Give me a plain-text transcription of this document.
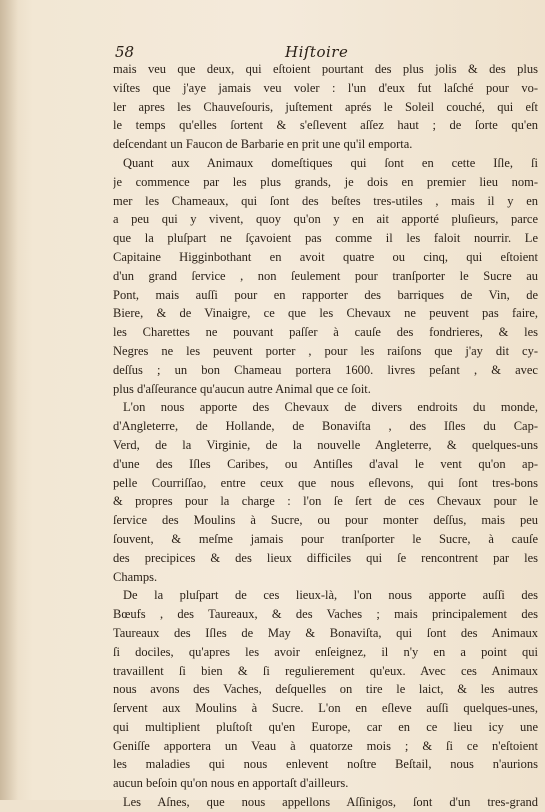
58	Hiſtoire
mais veu que deux, qui eſtoient pourtant des plus jolis & des plus
viſtes que j'aye jamais veu voler : l'un d'eux fut laſché pour vo-
ler apres les Chauveſouris, juſtement aprés le Soleil couché, qui eſt
le temps qu'elles ſortent & s'eſlevent aſſez haut ; de ſorte qu'en
deſcendant un Faucon de Barbarie en prit une qu'il emporta.
Quant aux Animaux domeſtiques qui ſont en cette Iſle, ſi
je commence par les plus grands, je dois en premier lieu nom-
mer les Chameaux, qui ſont des beſtes tres-utiles , mais il y en
a peu qui y vivent, quoy qu'on y en ait apporté pluſieurs, parce
que la pluſpart ne ſçavoient pas comme il les faloit nourrir. Le
Capitaine Higginbothant en avoit quatre ou cinq, qui eſtoient
d'un grand ſervice , non ſeulement pour tranſporter le Sucre au
Pont, mais auſſi pour en rapporter des barriques de Vin, de
Biere, & de Vinaigre, ce que les Chevaux ne peuvent pas faire,
les Charettes ne pouvant paſſer à cauſe des fondrieres, & les
Negres ne les peuvent porter , pour les raiſons que j'ay dit cy-
deſſus ; un bon Chameau portera 1600. livres peſant , & avec
plus d'aſſeurance qu'aucun autre Animal que ce ſoit.
L'on nous apporte des Chevaux de divers endroits du monde,
d'Angleterre, de Hollande, de Bonaviſta , des Iſles du Cap-
Verd, de la Virginie, de la nouvelle Angleterre, & quelques-uns
d'une des Iſles Caribes, ou Antiſles d'aval le vent qu'on ap-
pelle Courriſſao, entre ceux que nous eſlevons, qui ſont tres-bons
& propres pour la charge : l'on ſe ſert de ces Chevaux pour le
ſervice des Moulins à Sucre, ou pour monter deſſus, mais peu
ſouvent, & meſme jamais pour tranſporter le Sucre, à cauſe
des precipices & des lieux difficiles qui ſe rencontrent par les
Champs.
De la pluſpart de ces lieux-là, l'on nous apporte auſſi des
Bœufs , des Taureaux, & des Vaches ; mais principalement des
Taureaux des Iſles de May & Bonaviſta, qui ſont des Animaux
ſi dociles, qu'apres les avoir enſeignez, il n'y en a point qui
travaillent ſi bien & ſi regulierement qu'eux. Avec ces Animaux
nous avons des Vaches, deſquelles on tire le laict, & les autres
ſervent aux Moulins à Sucre. L'on en eſleve auſſi quelques-unes,
qui multiplient pluſtoſt qu'en Europe, car en ce lieu icy une
Geniſſe apportera un Veau à quatorze mois ; & ſi ce n'eſtoient
les maladies qui nous enlevent noſtre Beſtail, nous n'aurions
aucun beſoin qu'on nous en apportaſt d'ailleurs.
Les Aſnes, que nous appellons Aſſinigos, ſont d'un tres-grand
